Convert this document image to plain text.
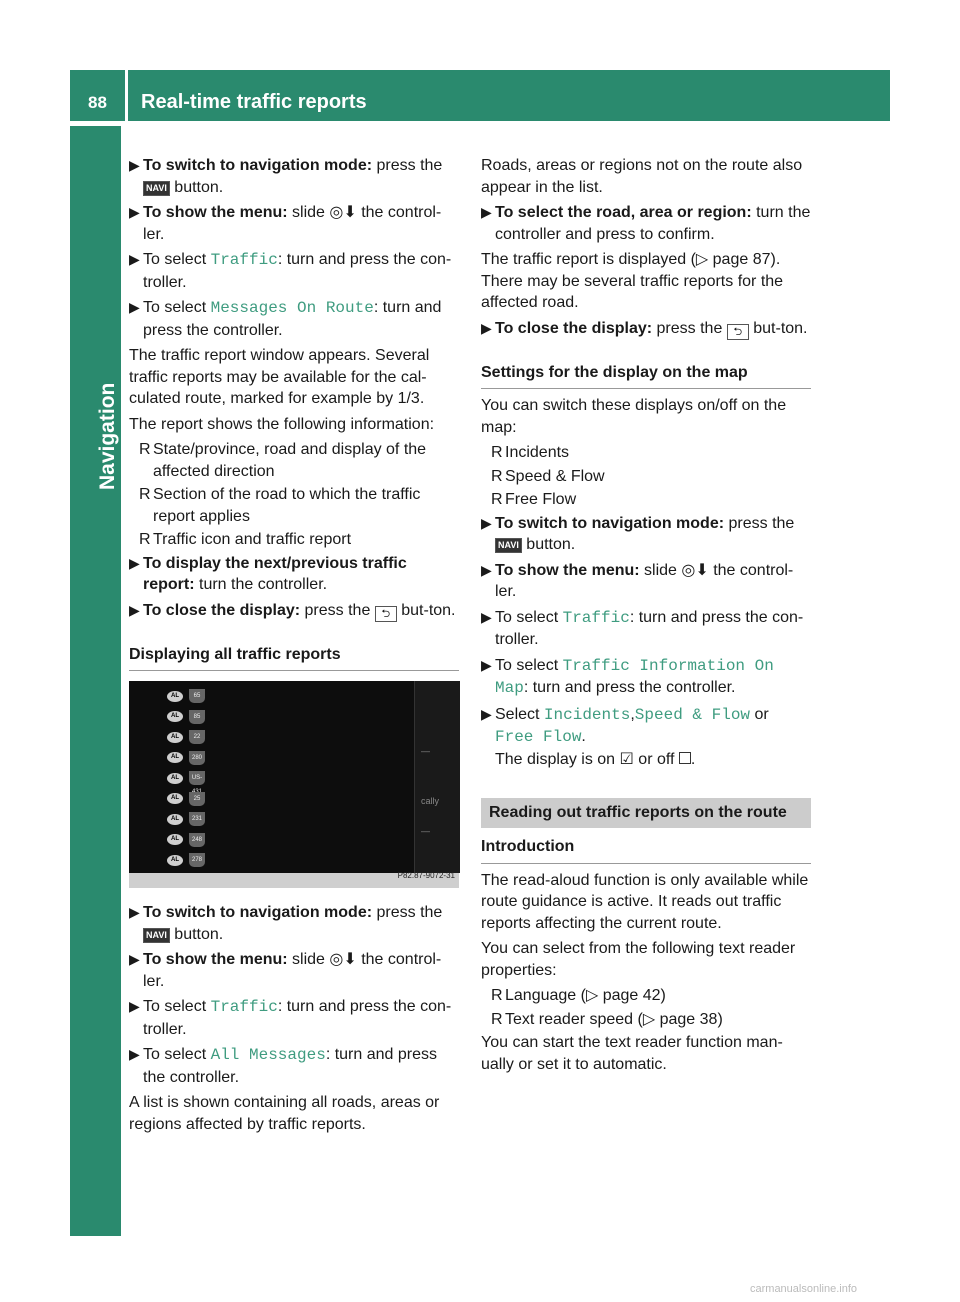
88 Real-time traffic reports
Navigation
▶ To switch to navigation mode: press the
NAVI button.
▶ To show the menu: slide ◎⬇ the control-ler.
▶ To select Traffic: turn and press the con-troller.
▶ To select Messages On Route: turn and press the controller.
The traffic report window appears. Several traffic reports may be available for the cal-culated route, marked for example by 1/3.
The report shows the following information:
R State/province, road and display of the affected direction
R Section of the road to which the traffic report applies
R Traffic icon and traffic report
▶ To display the next/previous traffic report: turn the controller.
▶ To close the display: press the ⮌ but-ton.
Displaying all traffic reports
—
cally
—
P82.87-9072-31
AL	65
AL	85
AL	22
AL	280
AL	US-
AL	25
AL	231
AL	248
AL	278
▶ To switch to navigation mode: press the
NAVI button.
▶ To show the menu: slide ◎⬇ the control-ler.
▶ To select Traffic: turn and press the con-troller.
▶ To select All Messages: turn and press the controller.
A list is shown containing all roads, areas or regions affected by traffic reports.
Roads, areas or regions not on the route also appear in the list.
▶ To select the road, area or region: turn the controller and press to confirm.
The traffic report is displayed (▷ page 87). There may be several traffic reports for the affected road.
▶ To close the display: press the ⮌ but-ton.
Settings for the display on the map
You can switch these displays on/off on the map:
R Incidents
R Speed & Flow
R Free Flow
▶ To switch to navigation mode: press the
NAVI button.
▶ To show the menu: slide ◎⬇ the control-ler.
▶ To select Traffic: turn and press the con-troller.
▶ To select Traffic Information On Map: turn and press the controller.
▶ Select Incidents,Speed & Flow or Free Flow.
The display is on ☑ or off .
Reading out traffic reports on the route
Introduction
The read-aloud function is only available while route guidance is active. It reads out traffic reports affecting the current route.
You can select from the following text reader properties:
R Language (▷ page 42)
R Text reader speed (▷ page 38)
You can start the text reader function man-ually or set it to automatic.
carmanualsonline.info
